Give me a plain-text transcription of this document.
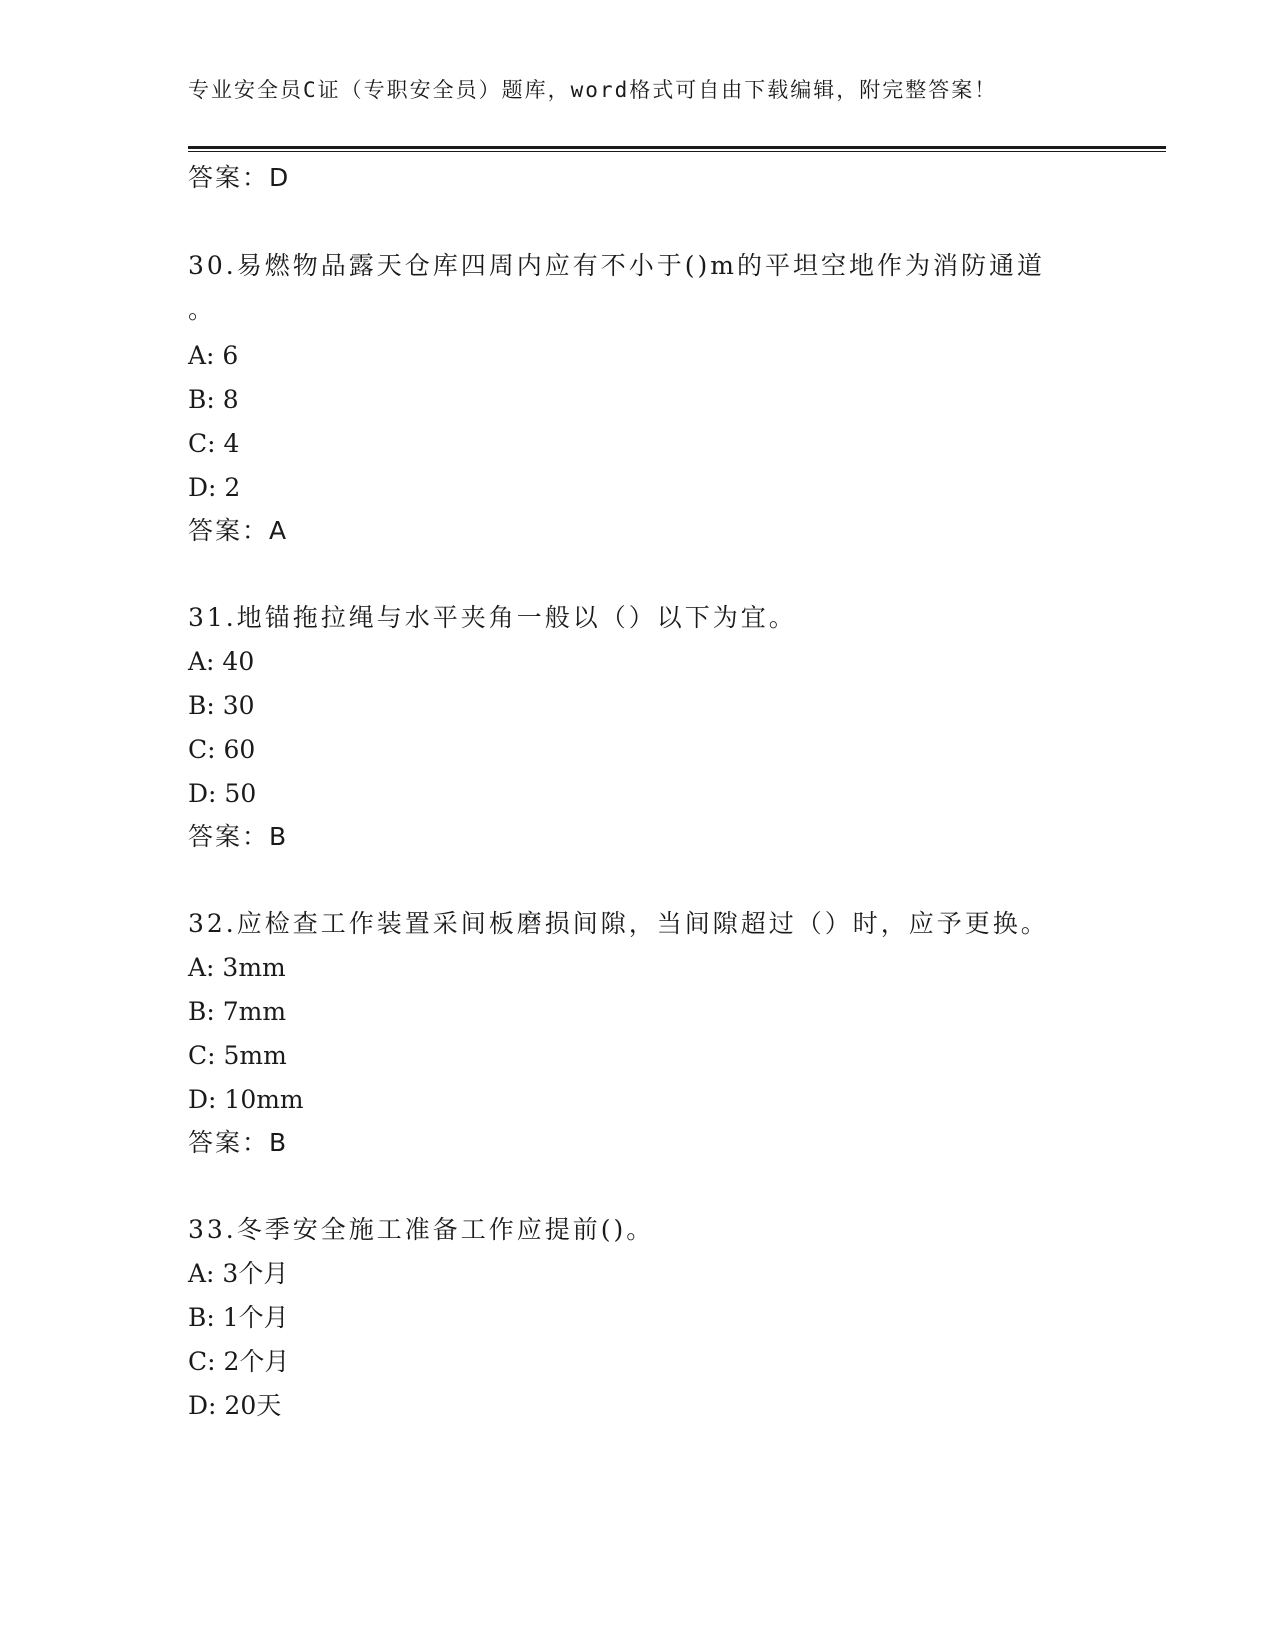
专业安全员C证（专职安全员）题库，word格式可自由下载编辑，附完整答案！
答案：D
30.易燃物品露天仓库四周内应有不小于()m的平坦空地作为消防通道
。
A: 6
B: 8
C: 4
D: 2
答案：A
31.地锚拖拉绳与水平夹角一般以（）以下为宜。
A: 40
B: 30
C: 60
D: 50
答案：B
32.应检查工作装置采间板磨损间隙，当间隙超过（）时，应予更换。
A: 3mm
B: 7mm
C: 5mm
D: 10mm
答案：B
33.冬季安全施工准备工作应提前()。
A: 3个月
B: 1个月
C: 2个月
D: 20天
